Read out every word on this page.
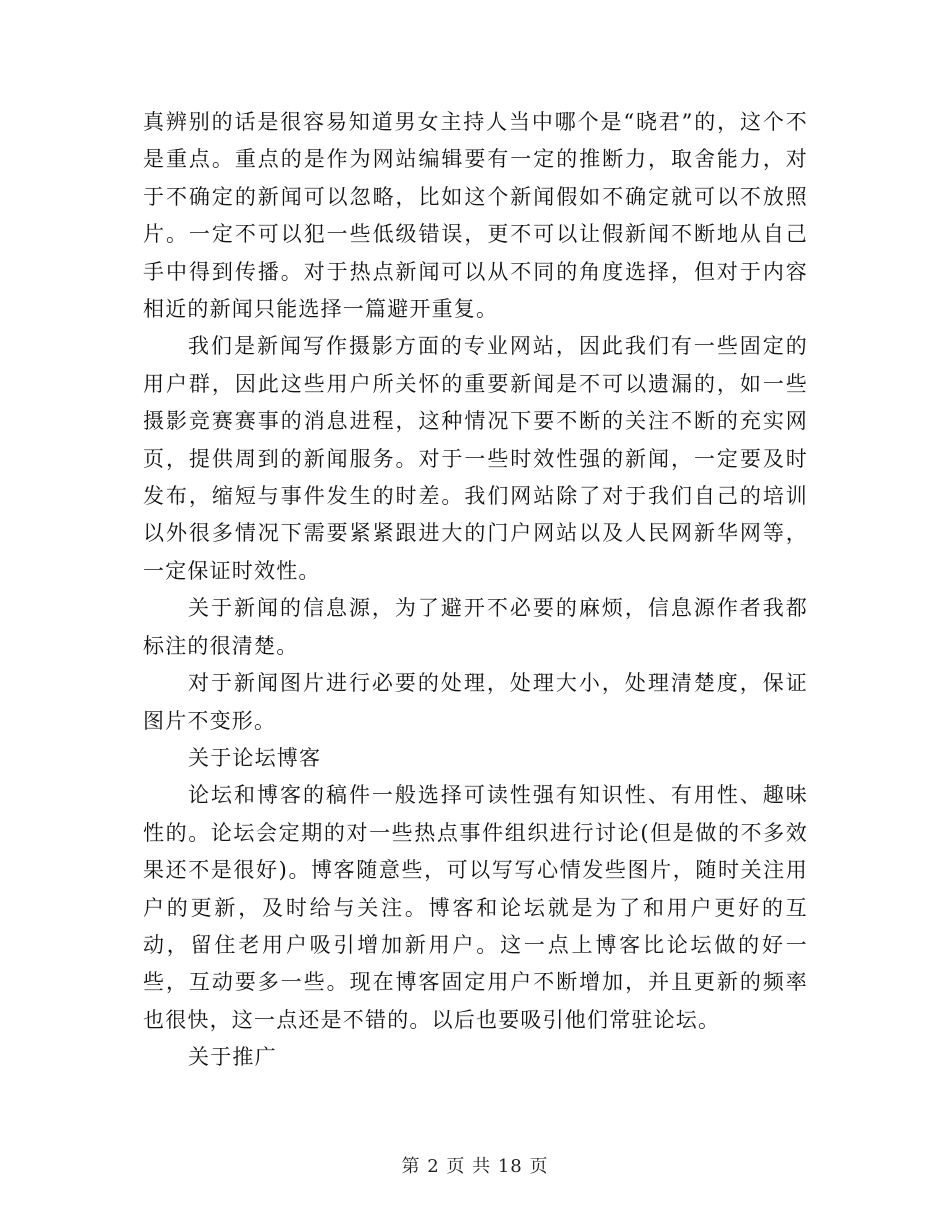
真辨别的话是很容易知道男女主持人当中哪个是“晓君”的，这个不是重点。重点的是作为网站编辑要有一定的推断力，取舍能力，对于不确定的新闻可以忽略，比如这个新闻假如不确定就可以不放照片。一定不可以犯一些低级错误，更不可以让假新闻不断地从自己手中得到传播。对于热点新闻可以从不同的角度选择，但对于内容相近的新闻只能选择一篇避开重复。

我们是新闻写作摄影方面的专业网站，因此我们有一些固定的用户群，因此这些用户所关怀的重要新闻是不可以遗漏的，如一些摄影竞赛赛事的消息进程，这种情况下要不断的关注不断的充实网页，提供周到的新闻服务。对于一些时效性强的新闻，一定要及时发布，缩短与事件发生的时差。我们网站除了对于我们自己的培训以外很多情况下需要紧紧跟进大的门户网站以及人民网新华网等，一定保证时效性。

关于新闻的信息源，为了避开不必要的麻烦，信息源作者我都标注的很清楚。

对于新闻图片进行必要的处理，处理大小，处理清楚度，保证图片不变形。

关于论坛博客

论坛和博客的稿件一般选择可读性强有知识性、有用性、趣味性的。论坛会定期的对一些热点事件组织进行讨论(但是做的不多效果还不是很好)。博客随意些，可以写写心情发些图片，随时关注用户的更新，及时给与关注。博客和论坛就是为了和用户更好的互动，留住老用户吸引增加新用户。这一点上博客比论坛做的好一些，互动要多一些。现在博客固定用户不断增加，并且更新的频率也很快，这一点还是不错的。以后也要吸引他们常驻论坛。

关于推广

第 2 页 共 18 页
